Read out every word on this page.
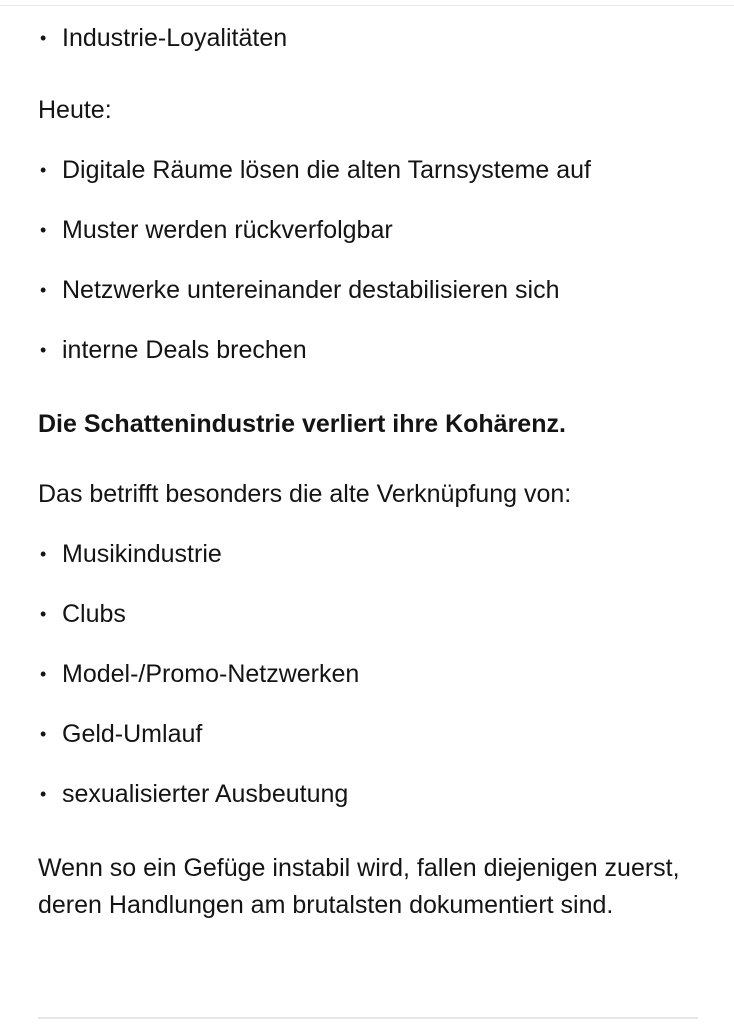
• Industrie-Loyalitäten
Heute:
• Digitale Räume lösen die alten Tarnsysteme auf
• Muster werden rückverfolgbar
• Netzwerke untereinander destabilisieren sich
• interne Deals brechen
Die Schattenindustrie verliert ihre Kohärenz.
Das betrifft besonders die alte Verknüpfung von:
• Musikindustrie
• Clubs
• Model-/Promo-Netzwerken
• Geld-Umlauf
• sexualisierter Ausbeutung
Wenn so ein Gefüge instabil wird, fallen diejenigen zuerst, deren Handlungen am brutalsten dokumentiert sind.
